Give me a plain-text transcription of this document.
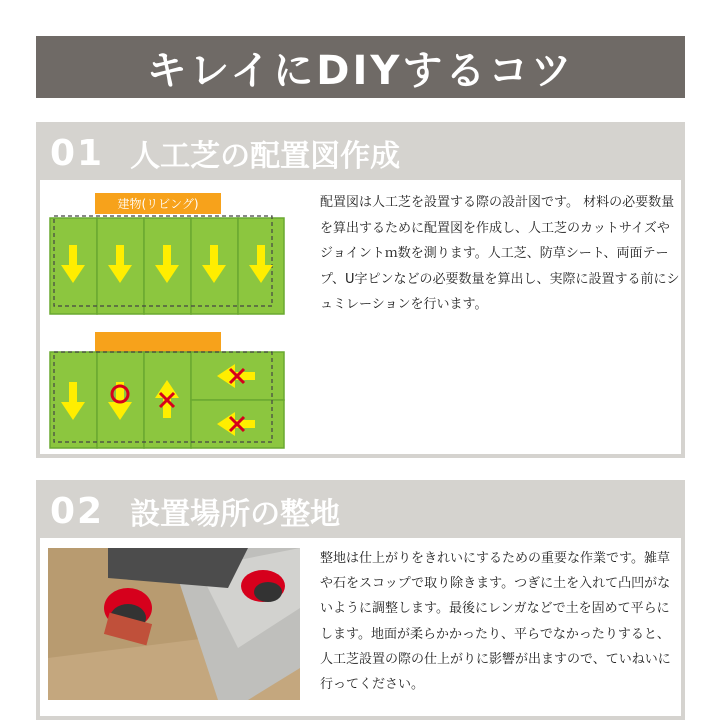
キレイにDIYするコツ
01 人工芝の配置図作成
建物(リビング)	配置図は人工芝を設置する際の設計図です。 材料の必要数量を算出するために配置図を作成し、人工芝のカットサイズやジョイントｍ数を測ります。人工芝、防草シート、両面テープ、U字ピンなどの必要数量を算出し、実際に設置する前にシュミレーションを行います。
02 設置場所の整地
整地は仕上がりをきれいにするための重要な作業です。雑草や石をスコップで取り除きます。つぎに土を入れて凸凹がないように調整します。最後にレンガなどで土を固めて平らにします。地面が柔らかかったり、平らでなかったりすると、人工芝設置の際の仕上がりに影響が出ますので、ていねいに行ってください。
